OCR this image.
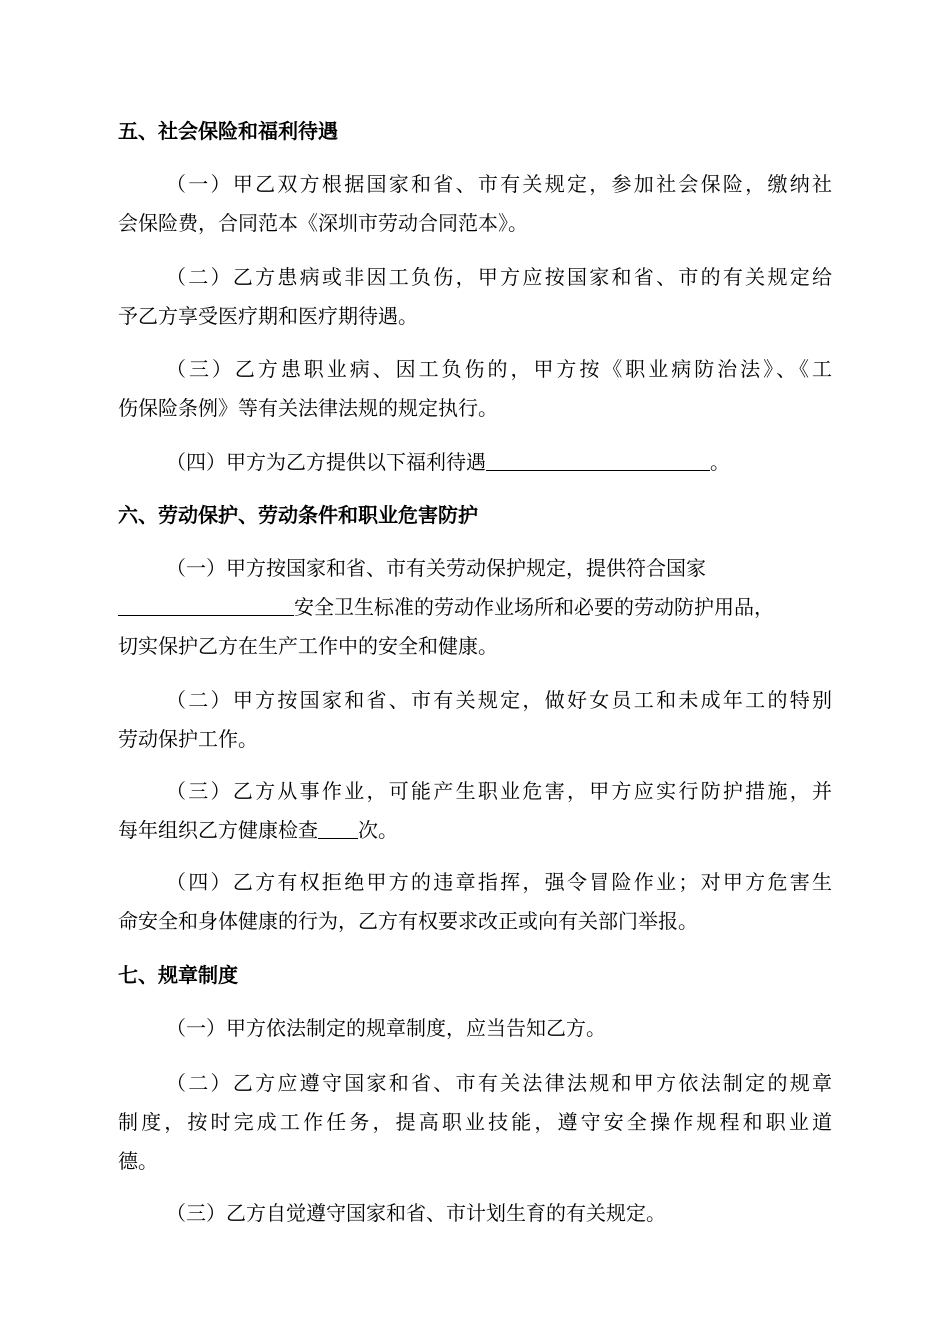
五、社会保险和福利待遇
（一）甲乙双方根据国家和省、市有关规定，参加社会保险，缴纳社
会保险费，合同范本《深圳市劳动合同范本》。
（二）乙方患病或非因工负伤，甲方应按国家和省、市的有关规定给
予乙方享受医疗期和医疗期待遇。
（三）乙方患职业病、因工负伤的，甲方按《职业病防治法》、《工
伤保险条例》等有关法律法规的规定执行。
（四）甲方为乙方提供以下福利待遇	。
六、劳动保护、劳动条件和职业危害防护
（一）甲方按国家和省、市有关劳动保护规定，提供符合国家
安全卫生标准的劳动作业场所和必要的劳动防护用品，
切实保护乙方在生产工作中的安全和健康。
（二）甲方按国家和省、市有关规定，做好女员工和未成年工的特别
劳动保护工作。
（三）乙方从事作业，可能产生职业危害，甲方应实行防护措施，并
每年组织乙方健康检查 次。
（四）乙方有权拒绝甲方的违章指挥，强令冒险作业；对甲方危害生
命安全和身体健康的行为，乙方有权要求改正或向有关部门举报。
七、规章制度
（一）甲方依法制定的规章制度，应当告知乙方。
（二）乙方应遵守国家和省、市有关法律法规和甲方依法制定的规章
制度，按时完成工作任务，提高职业技能，遵守安全操作规程和职业道
德。
（三）乙方自觉遵守国家和省、市计划生育的有关规定。
